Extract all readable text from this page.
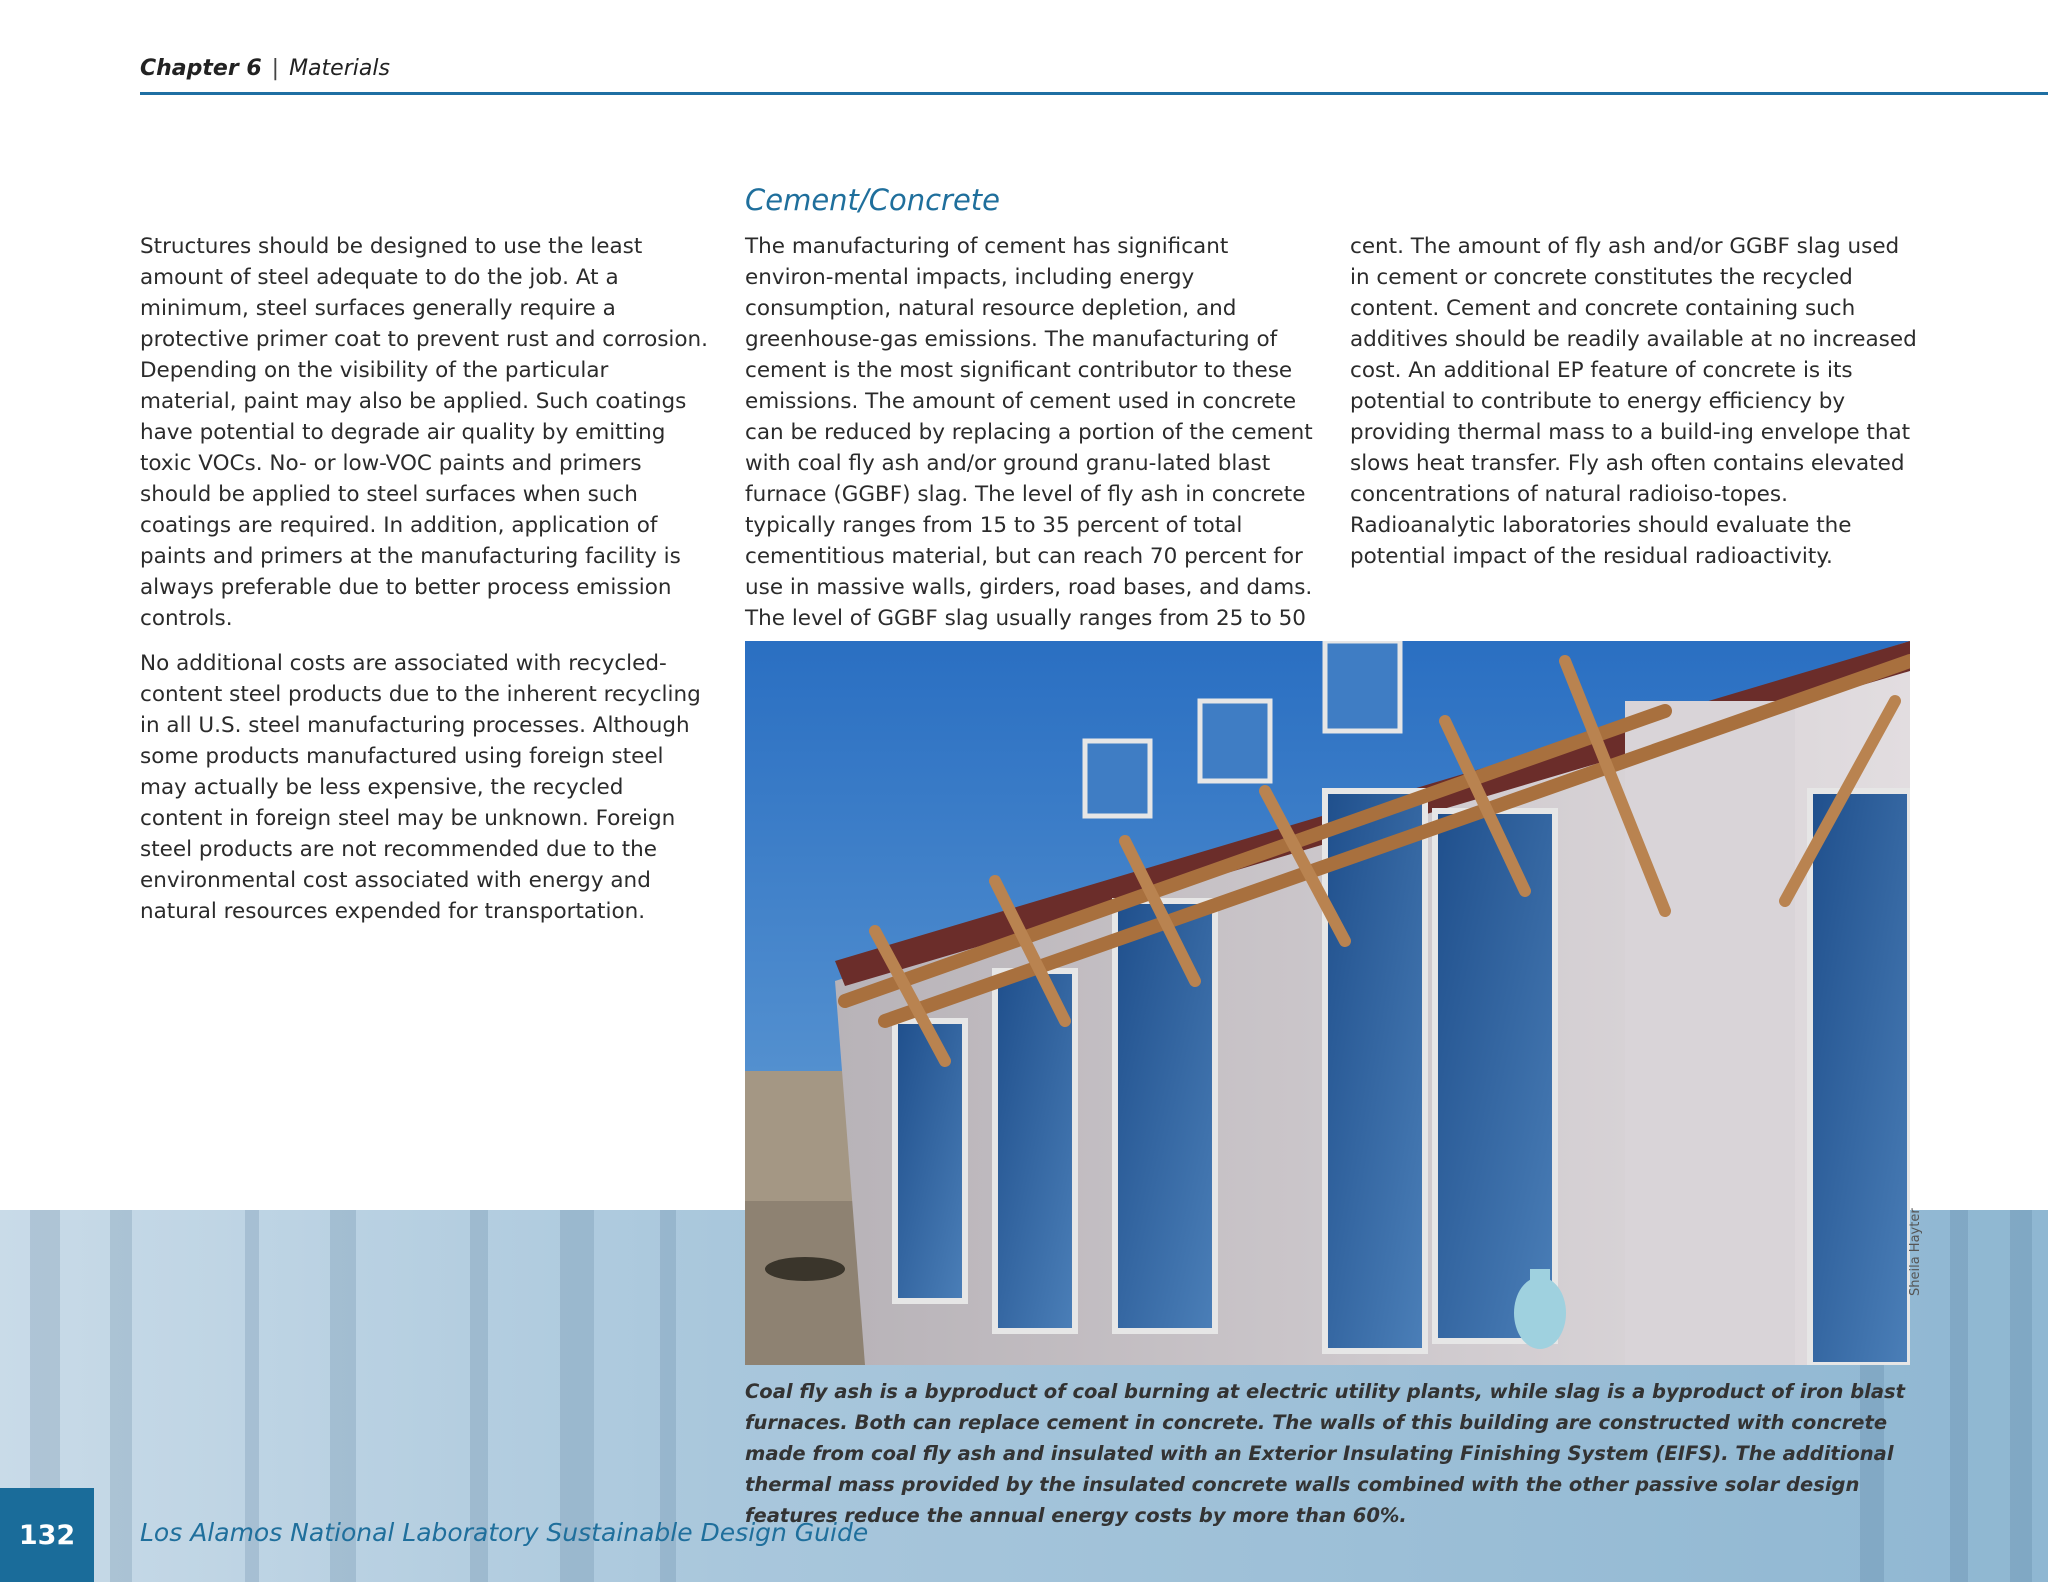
Chapter 6 | Materials

Structures should be designed to use the least amount of steel adequate to do the job. At a minimum, steel surfaces generally require a protective primer coat to prevent rust and corrosion. Depending on the visibility of the particular material, paint may also be applied. Such coatings have potential to degrade air quality by emitting toxic VOCs. No- or low-VOC paints and primers should be applied to steel surfaces when such coatings are required. In addition, application of paints and primers at the manufacturing facility is always preferable due to better process emission controls.

No additional costs are associated with recycled-content steel products due to the inherent recycling in all U.S. steel manufacturing processes. Although some products manufactured using foreign steel may actually be less expensive, the recycled content in foreign steel may be unknown. Foreign steel products are not recommended due to the environmental cost associated with energy and natural resources expended for transportation.

Cement/Concrete

The manufacturing of cement has significant environ-mental impacts, including energy consumption, natural resource depletion, and greenhouse-gas emissions. The manufacturing of cement is the most significant contributor to these emissions. The amount of cement used in concrete can be reduced by replacing a portion of the cement with coal fly ash and/or ground granu-lated blast furnace (GGBF) slag. The level of fly ash in concrete typically ranges from 15 to 35 percent of total cementitious material, but can reach 70 percent for use in massive walls, girders, road bases, and dams. The level of GGBF slag usually ranges from 25 to 50

cent. The amount of fly ash and/or GGBF slag used in cement or concrete constitutes the recycled content. Cement and concrete containing such additives should be readily available at no increased cost. An additional EP feature of concrete is its potential to contribute to energy efficiency by providing thermal mass to a build-ing envelope that slows heat transfer. Fly ash often contains elevated concentrations of natural radioiso-topes. Radioanalytic laboratories should evaluate the potential impact of the residual radioactivity.

Sheila Hayter
Coal fly ash is a byproduct of coal burning at electric utility plants, while slag is a byproduct of iron blast furnaces. Both can replace cement in concrete. The walls of this building are constructed with concrete made from coal fly ash and insulated with an Exterior Insulating Finishing System (EIFS). The additional thermal mass provided by the insulated concrete walls combined with the other passive solar design features reduce the annual energy costs by more than 60%.
132	Los Alamos National Laboratory Sustainable Design Guide
